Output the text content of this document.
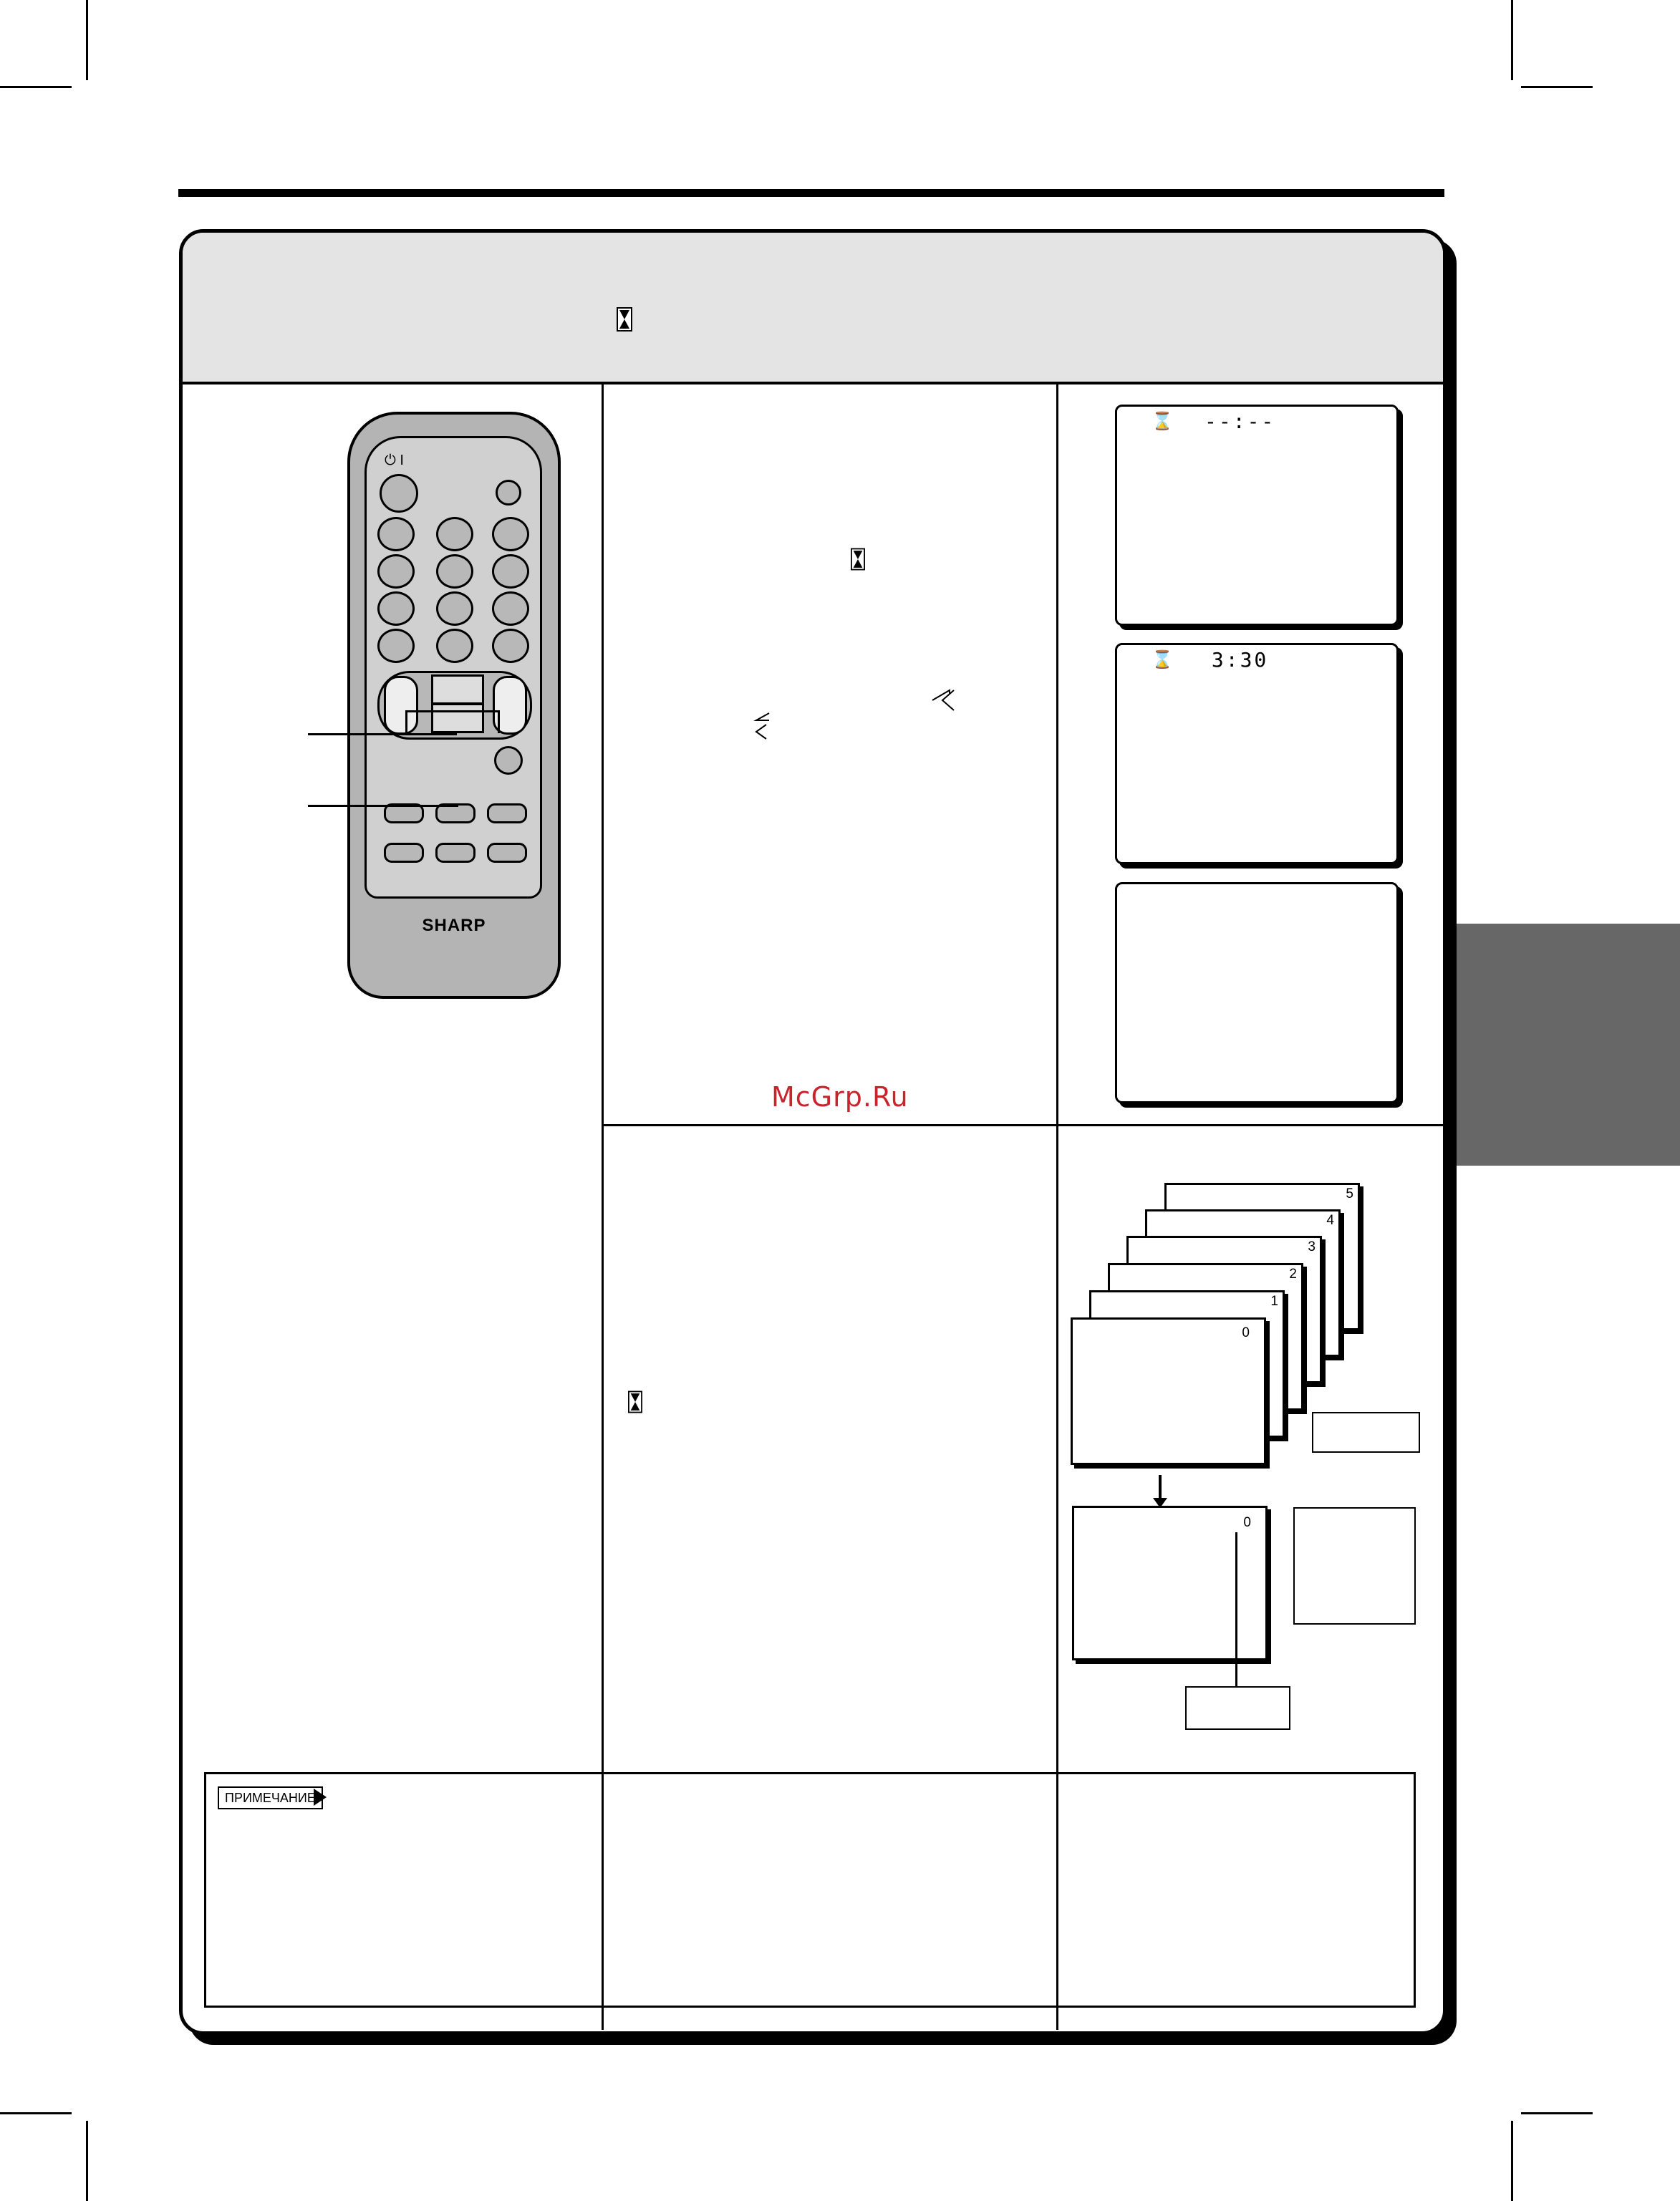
⏻ I
SHARP
McGrp.Ru
⌛ --:--
⌛ 3:30
5
4
3
2
1
0
0
ПРИМЕЧАНИЕ
